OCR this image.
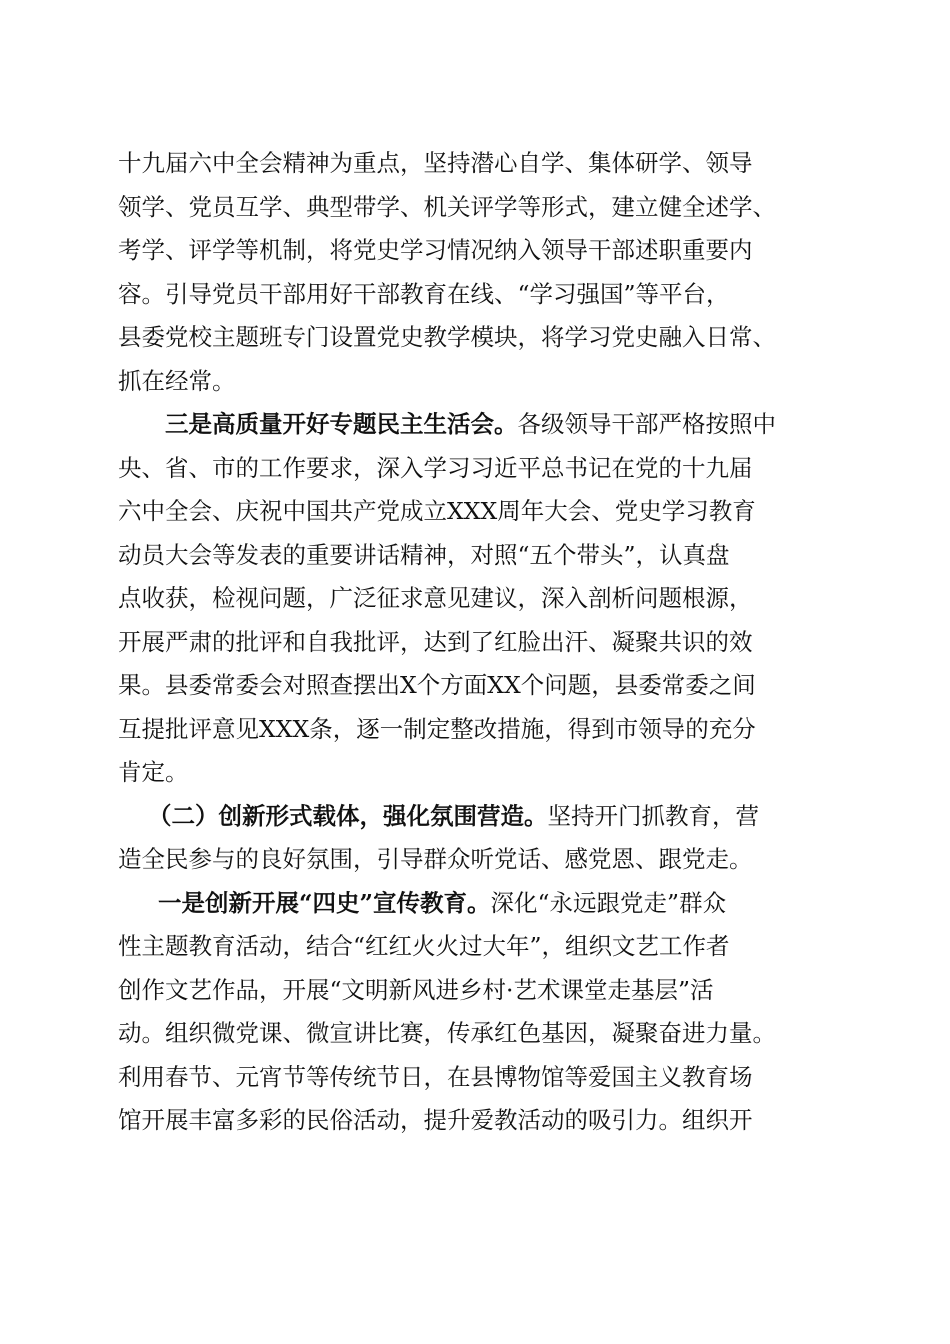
十九届六中全会精神为重点，坚持潜心自学、集体研学、领导
领学、党员互学、典型带学、机关评学等形式，建立健全述学、
考学、评学等机制，将党史学习情况纳入领导干部述职重要内
容。引导党员干部用好干部教育在线、“学习强国”等平台，
县委党校主题班专门设置党史教学模块，将学习党史融入日常、
抓在经常。
三是高质量开好专题民主生活会。各级领导干部严格按照中
央、省、市的工作要求，深入学习习近平总书记在党的十九届
六中全会、庆祝中国共产党成立XXX周年大会、党史学习教育
动员大会等发表的重要讲话精神，对照“五个带头”，认真盘
点收获，检视问题，广泛征求意见建议，深入剖析问题根源，
开展严肃的批评和自我批评，达到了红脸出汗、凝聚共识的效
果。县委常委会对照查摆出X个方面XX个问题，县委常委之间
互提批评意见XXX条，逐一制定整改措施，得到市领导的充分
肯定。
（二）创新形式载体，强化氛围营造。坚持开门抓教育，营
造全民参与的良好氛围，引导群众听党话、感党恩、跟党走。
一是创新开展“四史”宣传教育。深化“永远跟党走”群众
性主题教育活动，结合“红红火火过大年”，组织文艺工作者
创作文艺作品，开展“文明新风进乡村·艺术课堂走基层”活
动。组织微党课、微宣讲比赛，传承红色基因，凝聚奋进力量。
利用春节、元宵节等传统节日，在县博物馆等爱国主义教育场
馆开展丰富多彩的民俗活动，提升爱教活动的吸引力。组织开
